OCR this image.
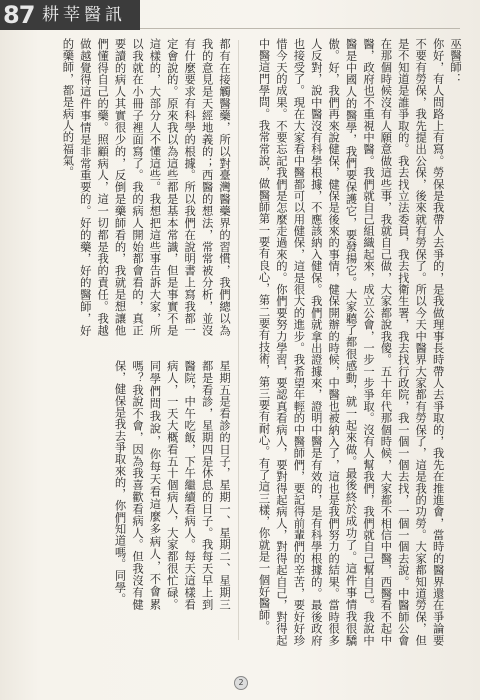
87 耕莘醫訊
都有在接觸醫藥，所以對臺灣醫藥界的習慣，我們總以為我的意見是天經地義的；西醫的想法，常常被分析，並沒有什麼要求有科學的根據。所以我們在說明書上寫我都一定會說的。原來我以為這些都是基本常識，但是事實不是這樣的，大部分人不懂這些。我想把這些事告訴大家，所以我就在小冊子裡面寫了。我的病人開始都會看的，真正要讀的病人其實很少的，反倒是藥師看的，我就是想讓他們懂得自己的藥。照顧病人，這一切都是我的責任。我越做越覺得這件事情是非常重要的。好的藥，好的醫師，好的藥師，都是病人的福氣。
星期五是看診的日子，星期一、星期二、星期三都是看診，星期四是休息的日子。我每天早上到醫院，中午吃飯，下午繼續看病人。每天這樣看病人，一天大概看五十個病人，大家都很忙碌。同學們問我說，你每天看這麼多病人，不會累嗎？我說不會，因為我喜歡看病人。但我沒有健保，健保是我去爭取來的，你們知道嗎。同學。
巫醫師：
你好，有人問路上有寫。勞保是我帶人去爭的，是我做理事長時帶人去爭取的，我先在推進會，當時的醫界還在爭論要不要有勞保，我先提出公保，後來就有勞保了。所以今天中醫界大家都有勞保了，這是我的功勞。大家都知道勞保，但是不知道是誰爭取的。我去找立法委員，我去找衛生署，我去找行政院，我一個一個去找，一個一個去說。中醫師公會在那個時候沒有人願意做這些事，我就自己做，大家都說我傻。五十年代那個時候，大家都不相信中醫，西醫看不起中醫，政府也不重視中醫。我們就自己組織起來，成立公會，一步一步爭取。沒有人幫我們，我們就自己幫自己。我說中醫是中國人的醫學，我們要保護它，要發揚它。大家聽了都很感動，就一起來做。最後終於成功了。這件事情我很驕傲。好，我們再來說健保，健保是後來的事情，健保開辦的時候，中醫也被納入了，這也是我們努力的結果。當時很多人反對，說中醫沒有科學根據，不應該納入健保。我們就拿出證據來，證明中醫是有效的，是有科學根據的。最後政府也接受了。現在大家看中醫都可以用健保，這是很大的進步。我希望年輕的中醫師們，要記得前輩們的辛苦，要好好珍惜今天的成果。不要忘記我們是怎麼走過來的。你們要努力學習，要認真看病人，要對得起病人，對得起自己，對得起中醫這門學問。我常常說，做醫師第一要有良心，第二要有技術，第三要有耐心。有了這三樣，你就是一個好醫師。
2
